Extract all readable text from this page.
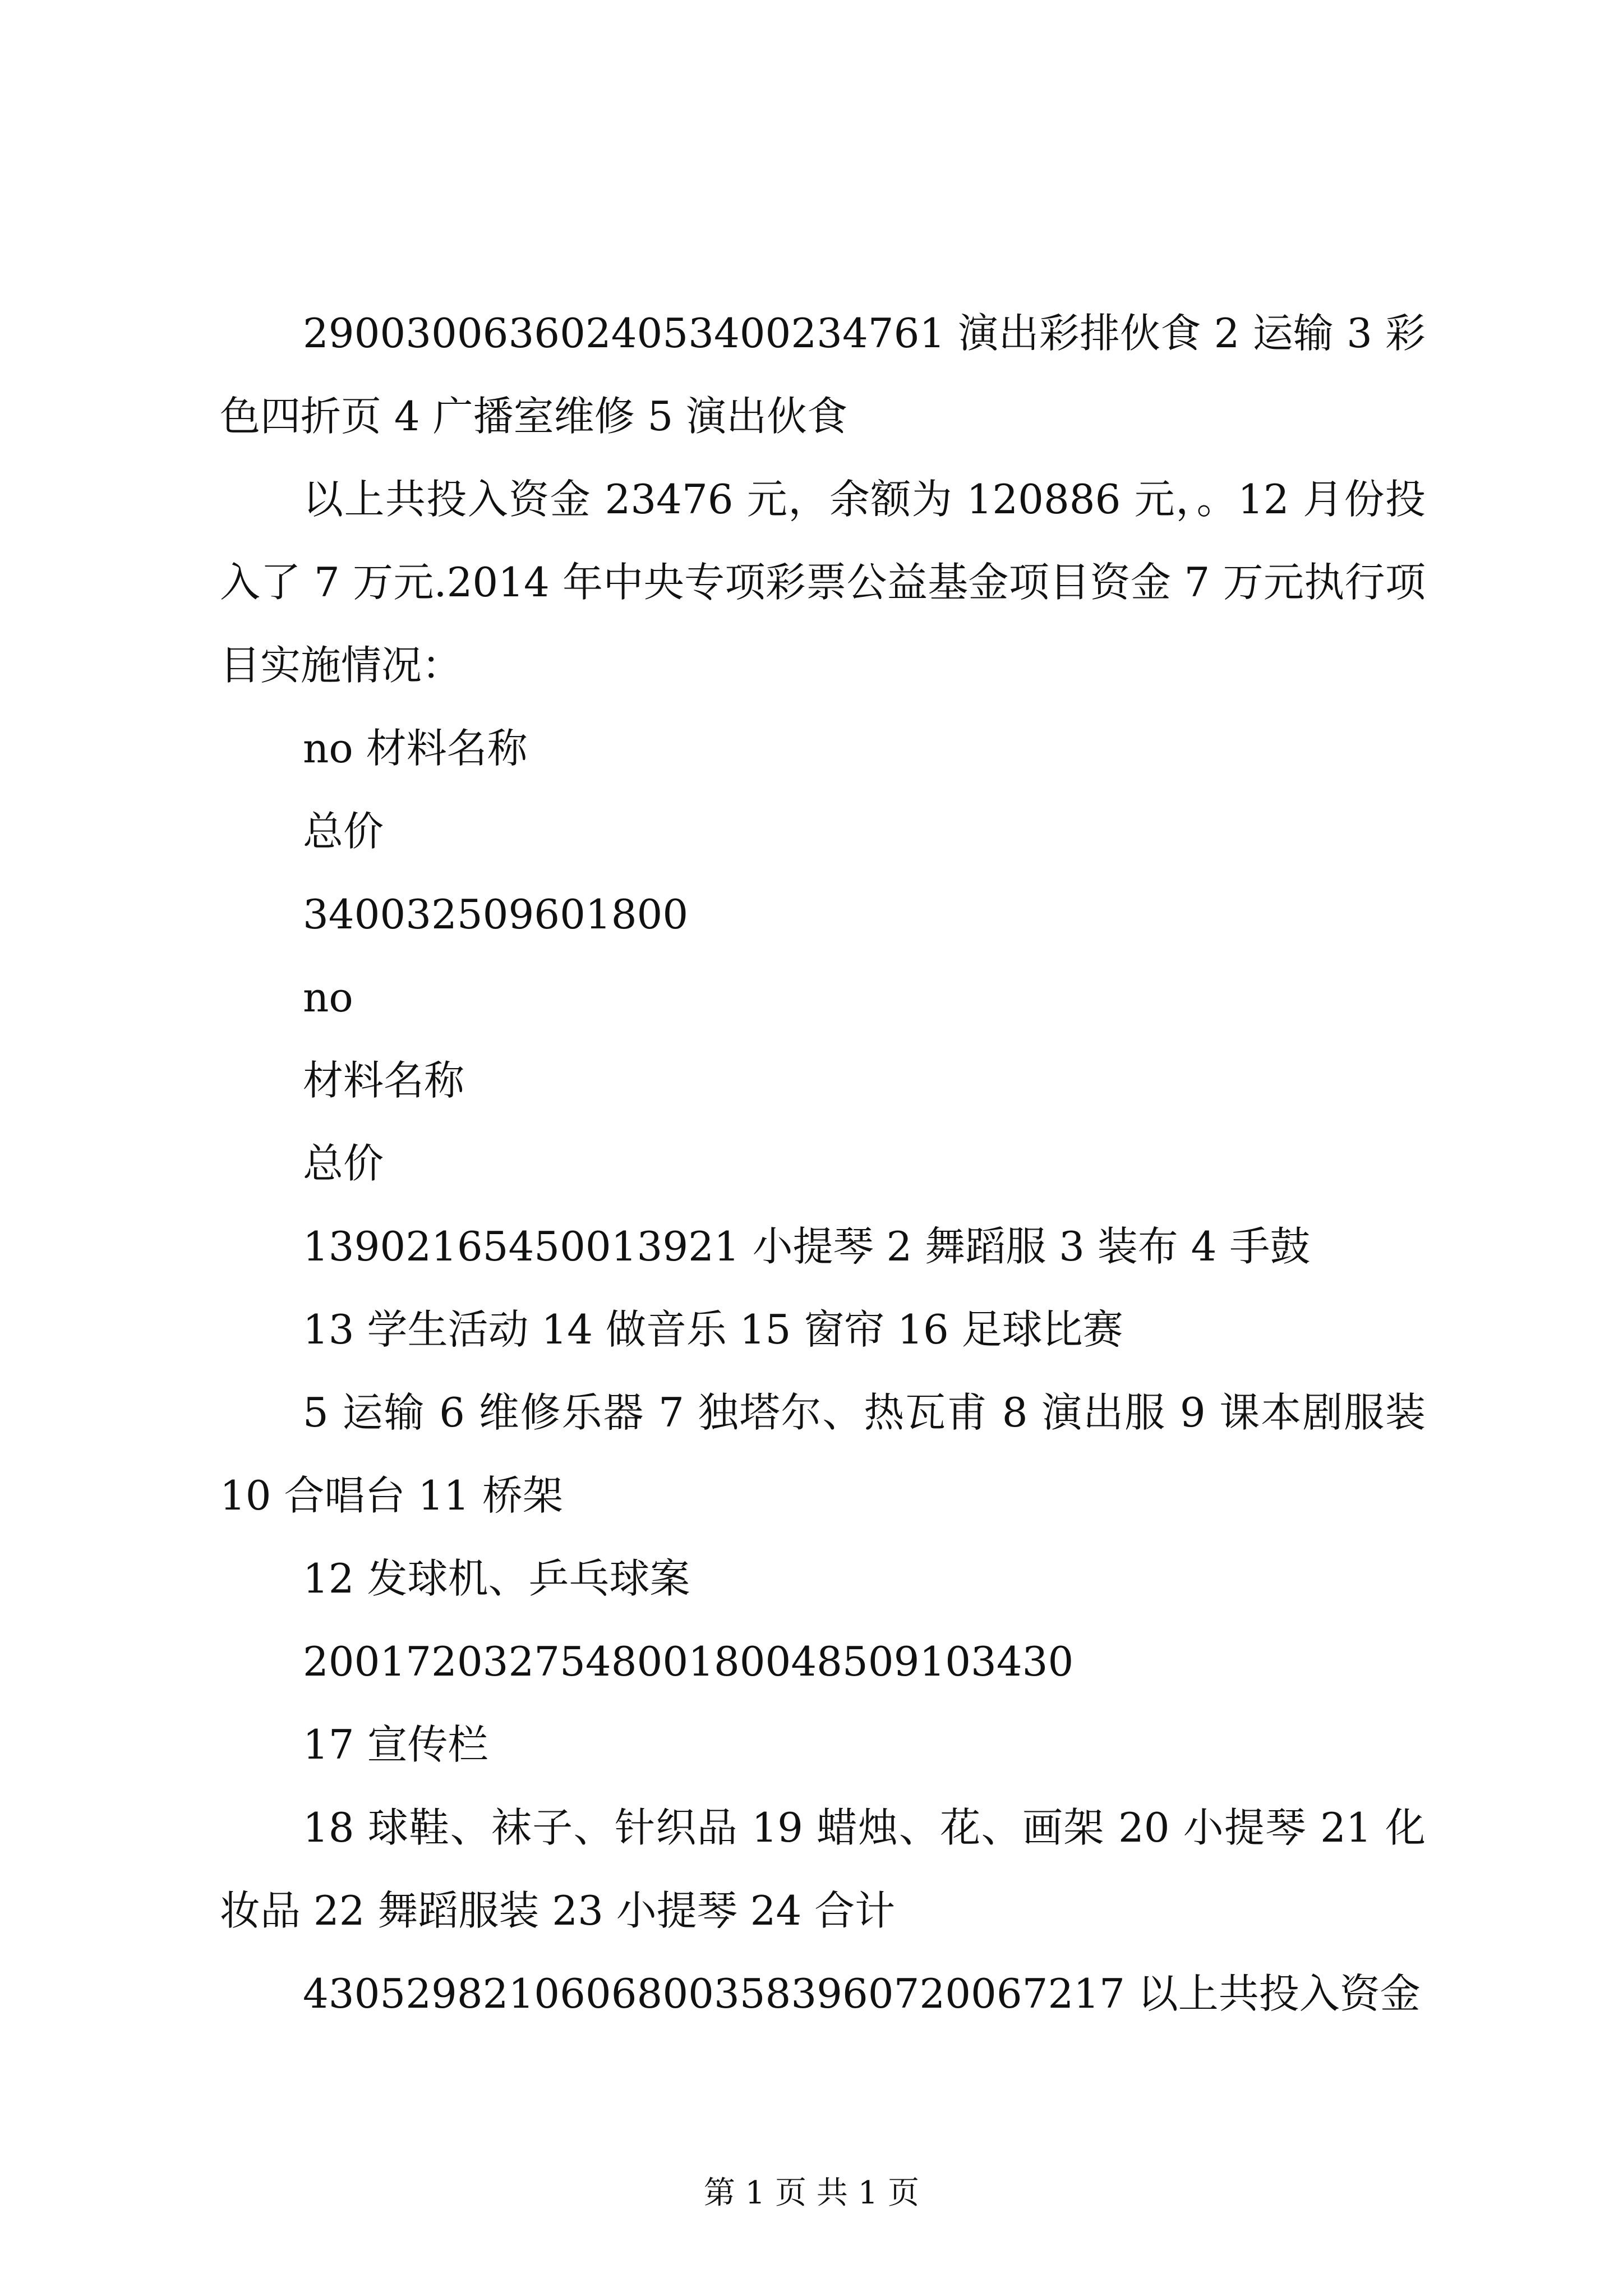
29003006360240534002347​61 演出彩排伙食 2 运输 3 彩色四折页 4 广播室维修 5 演出伙食

以上共投入资金 23476 元，余额为 120886 元，。12 月份投入了 7 万元.2014 年中央专项彩票公益基金项目资金 7 万元执行项目实施情况：

no 材料名称

总价

340032509601800

no

材料名称

总价

13902165450013921 小提琴 2 舞蹈服 3 装布 4 手鼓

13 学生活动 14 做音乐 15 窗帘 16 足球比赛

5 运输 6 维修乐器 7 独塔尔、热瓦甫 8 演出服 9 课本剧服装 10 合唱台 11 桥架

12 发球机、乒乓球案

20017203275480018004850910343​0

17 宣传栏

18 球鞋、袜子、针织品 19 蜡烛、花、画架 20 小提琴 21 化妆品 22 舞蹈服装 23 小提琴 24 合计

4305298210606800358396072006721​7 以上共投入资金

第 1 页 共 1 页
